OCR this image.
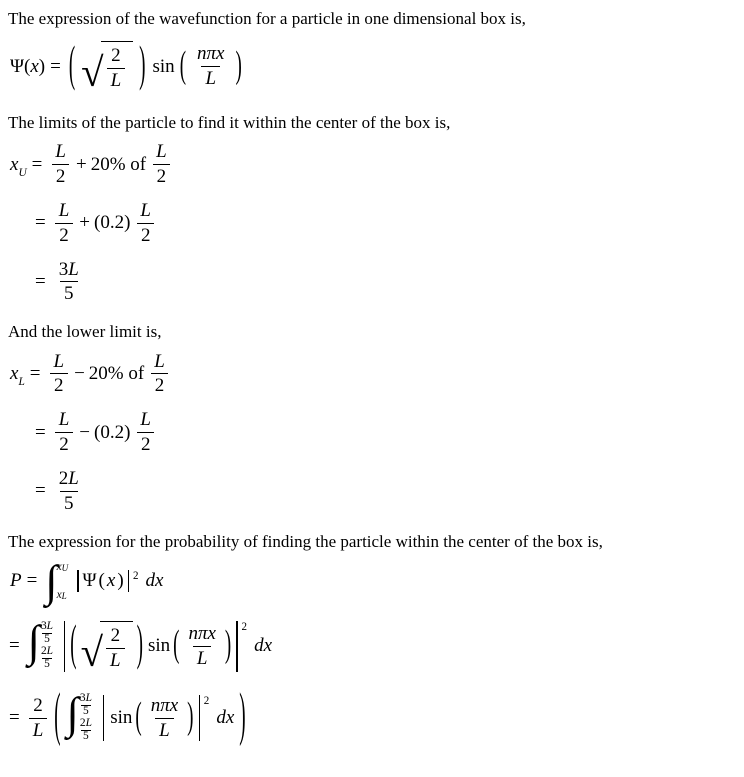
The expression of the wavefunction for a particle in one dimensional box is,

Ψ ( x ) = ( √ $\frac{2}{L}$ ) sin ( $\frac{\text{nπx}}{L}$ )

The limits of the particle to find it within the center of the box is,

x $U = \frac{L}{2} + 20\%$ of $\frac{L}{2}$
= $\frac{L}{2} + (0.2) \frac{L}{2}$
= $\frac{3 L}{5}$

And the lower limit is,

x $L = \frac{L}{2} - 20\%$ of $\frac{L}{2}$
= $\frac{L}{2} - (0.2) \frac{L}{2}$
= $\frac{2 L}{5}$

The expression for the probability of finding the particle within the center of the box is,

P = ∫ x U
x L
Ψ ( x ) 2 dx
= ∫ $\frac{3 L}{5}$
$\frac{2 L}{5}$ ( √ $\frac{2}{L}$ ) sin ( $\frac{\text{nπx}}{L}$ ) 2
dx
= $\frac{2}{L}$ ( ∫ $\frac{3 L}{5}$
$\frac{2 L}{5}$
sin ( $\frac{\text{nπx}}{L}$ ) 2
dx )
